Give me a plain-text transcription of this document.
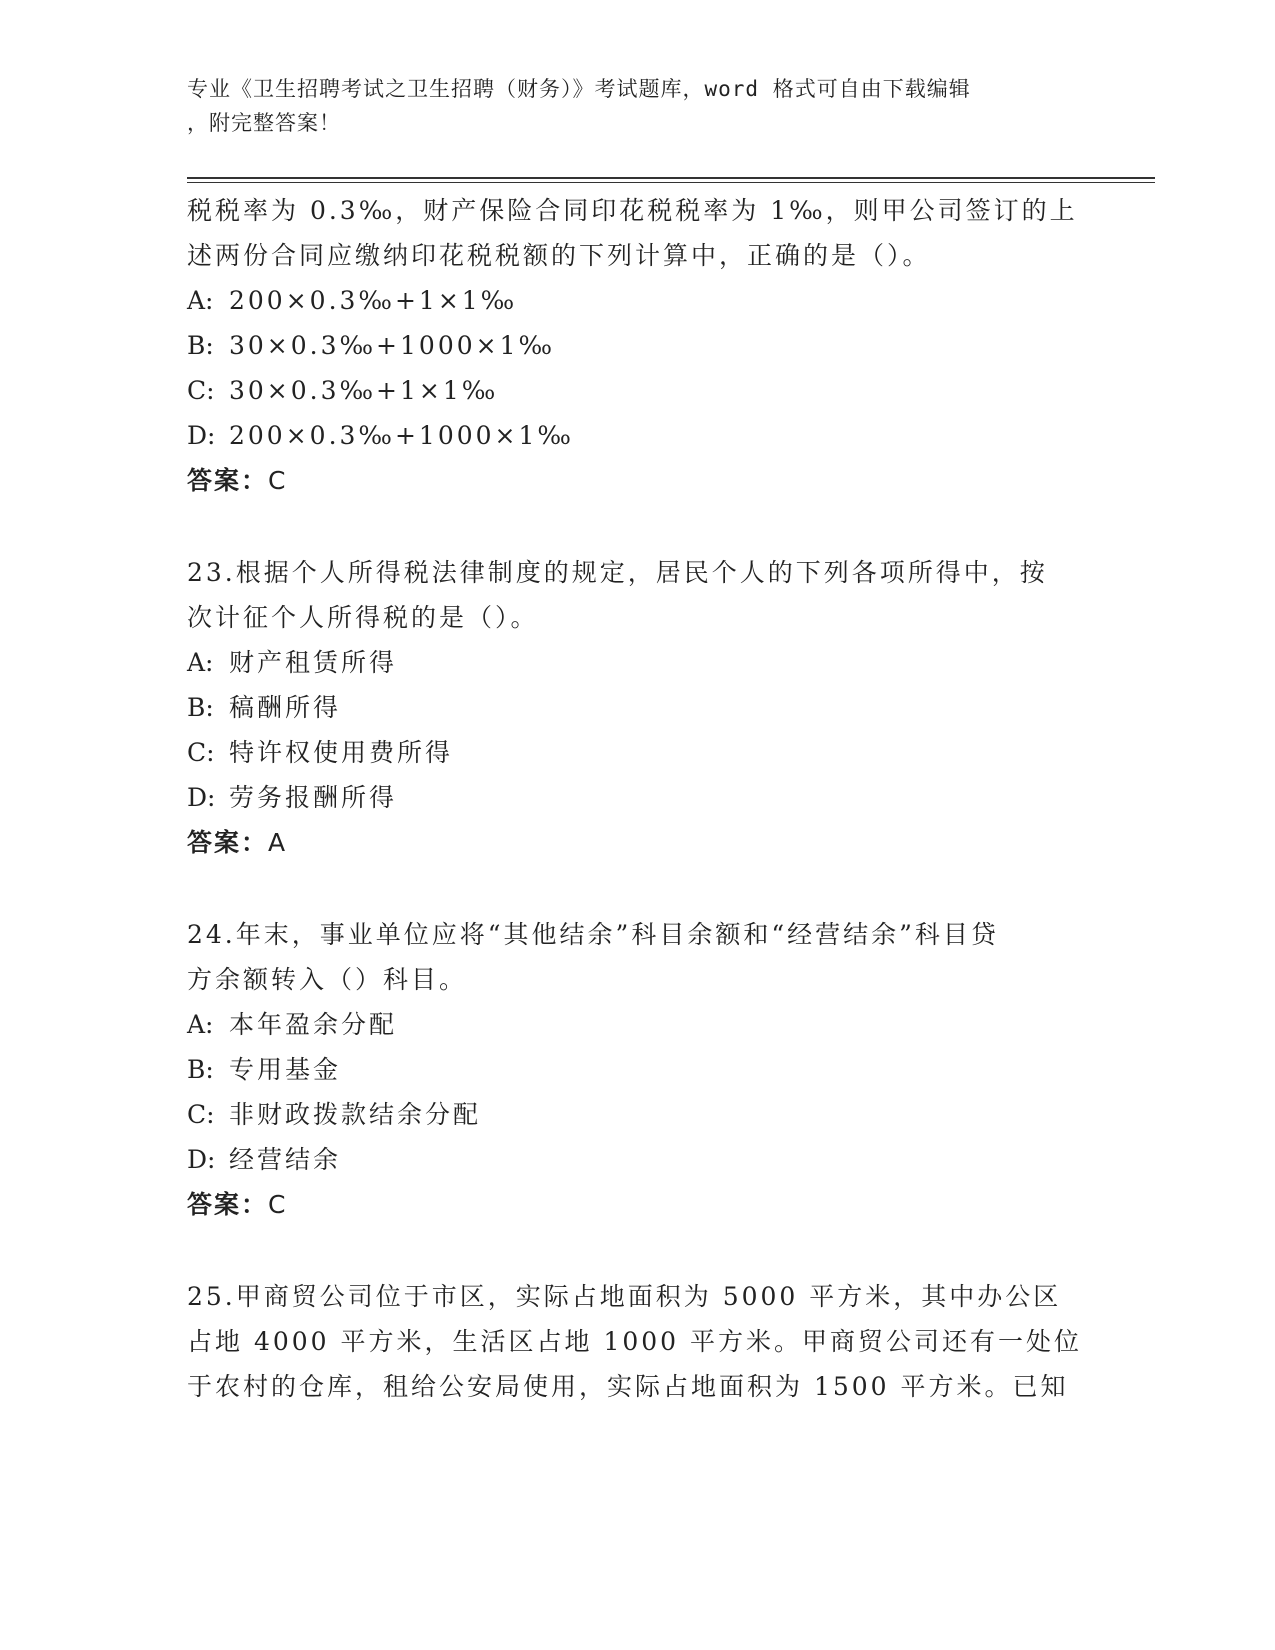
专业《卫生招聘考试之卫生招聘（财务）》考试题库，word 格式可自由下载编辑
，附完整答案！
税税率为 0.3‰，财产保险合同印花税税率为 1‰，则甲公司签订的上
述两份合同应缴纳印花税税额的下列计算中，正确的是（）。
A: 200×0.3‰+1×1‰
B: 30×0.3‰+1000×1‰
C: 30×0.3‰+1×1‰
D: 200×0.3‰+1000×1‰
答案：C
23.根据个人所得税法律制度的规定，居民个人的下列各项所得中，按
次计征个人所得税的是（）。
A: 财产租赁所得
B: 稿酬所得
C: 特许权使用费所得
D: 劳务报酬所得
答案：A
24.年末，事业单位应将“其他结余”科目余额和“经营结余”科目贷
方余额转入（）科目。
A: 本年盈余分配
B: 专用基金
C: 非财政拨款结余分配
D: 经营结余
答案：C
25.甲商贸公司位于市区，实际占地面积为 5000 平方米，其中办公区
占地 4000 平方米，生活区占地 1000 平方米。甲商贸公司还有一处位
于农村的仓库，租给公安局使用，实际占地面积为 1500 平方米。已知
